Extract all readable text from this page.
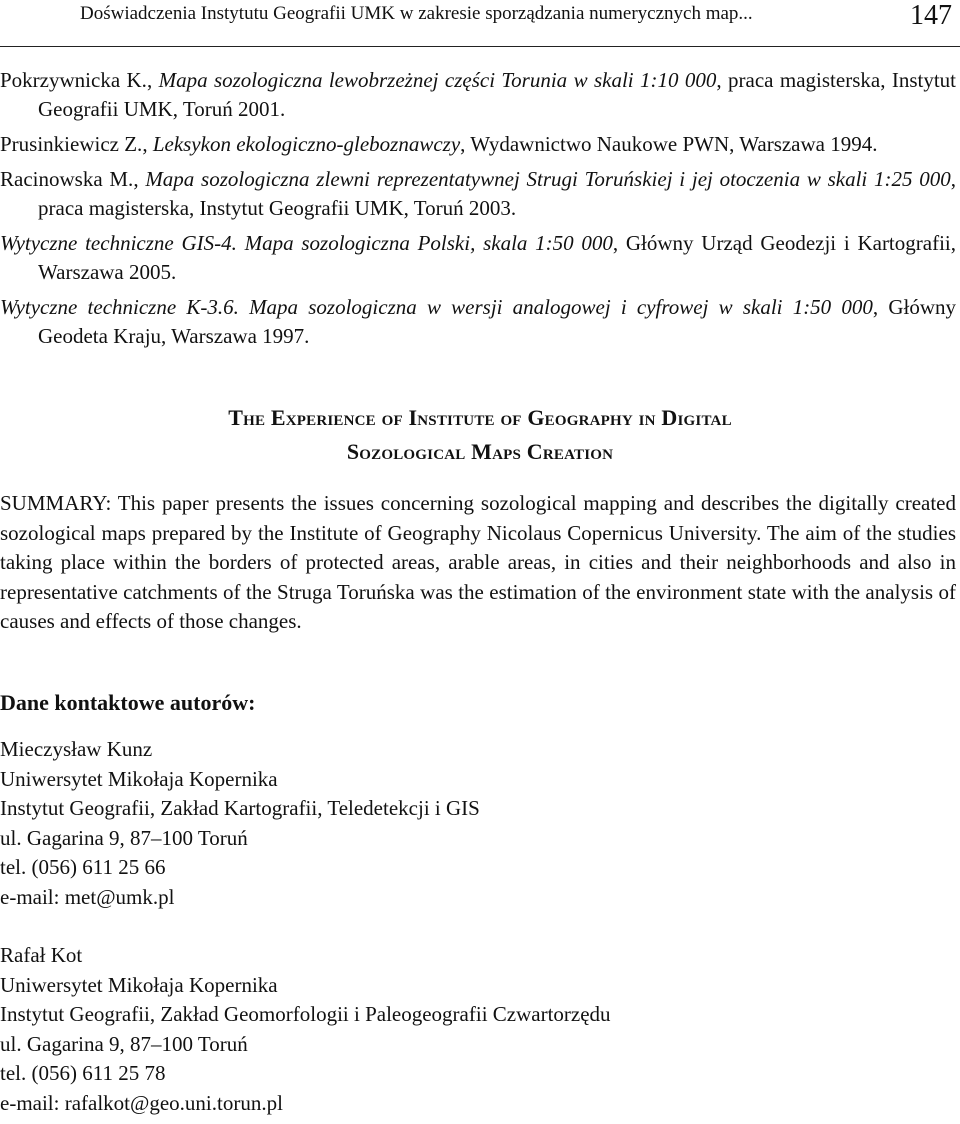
Doświadczenia Instytutu Geografii UMK w zakresie sporządzania numerycznych map...	147

Pokrzywnicka K., Mapa sozologiczna lewobrzeżnej części Torunia w skali 1:10 000, praca magisterska, Instytut Geografii UMK, Toruń 2001.

Prusinkiewicz Z., Leksykon ekologiczno-gleboznawczy, Wydawnictwo Naukowe PWN, Warszawa 1994.

Racinowska M., Mapa sozologiczna zlewni reprezentatywnej Strugi Toruńskiej i jej otoczenia w skali 1:25 000, praca magisterska, Instytut Geografii UMK, Toruń 2003.

Wytyczne techniczne GIS-4. Mapa sozologiczna Polski, skala 1:50 000, Główny Urząd Geodezji i Kartografii, Warszawa 2005.

Wytyczne techniczne K-3.6. Mapa sozologiczna w wersji analogowej i cyfrowej w skali 1:50 000, Główny Geodeta Kraju, Warszawa 1997.

The Experience of Institute of Geography in Digital
Sozological Maps Creation

SUMMARY: This paper presents the issues concerning sozological mapping and describes the digitally created sozological maps prepared by the Institute of Geography Nicolaus Copernicus University. The aim of the studies taking place within the borders of protected areas, arable areas, in cities and their neighborhoods and also in representative catchments of the Struga Toruńska was the estimation of the environment state with the analysis of causes and effects of those changes.

Dane kontaktowe autorów:
Mieczysław Kunz
Uniwersytet Mikołaja Kopernika
Instytut Geografii, Zakład Kartografii, Teledetekcji i GIS
ul. Gagarina 9, 87–100 Toruń
tel. (056) 611 25 66
e-mail: met@umk.pl
Rafał Kot
Uniwersytet Mikołaja Kopernika
Instytut Geografii, Zakład Geomorfologii i Paleogeografii Czwartorzędu
ul. Gagarina 9, 87–100 Toruń
tel. (056) 611 25 78
e-mail: rafalkot@geo.uni.torun.pl
